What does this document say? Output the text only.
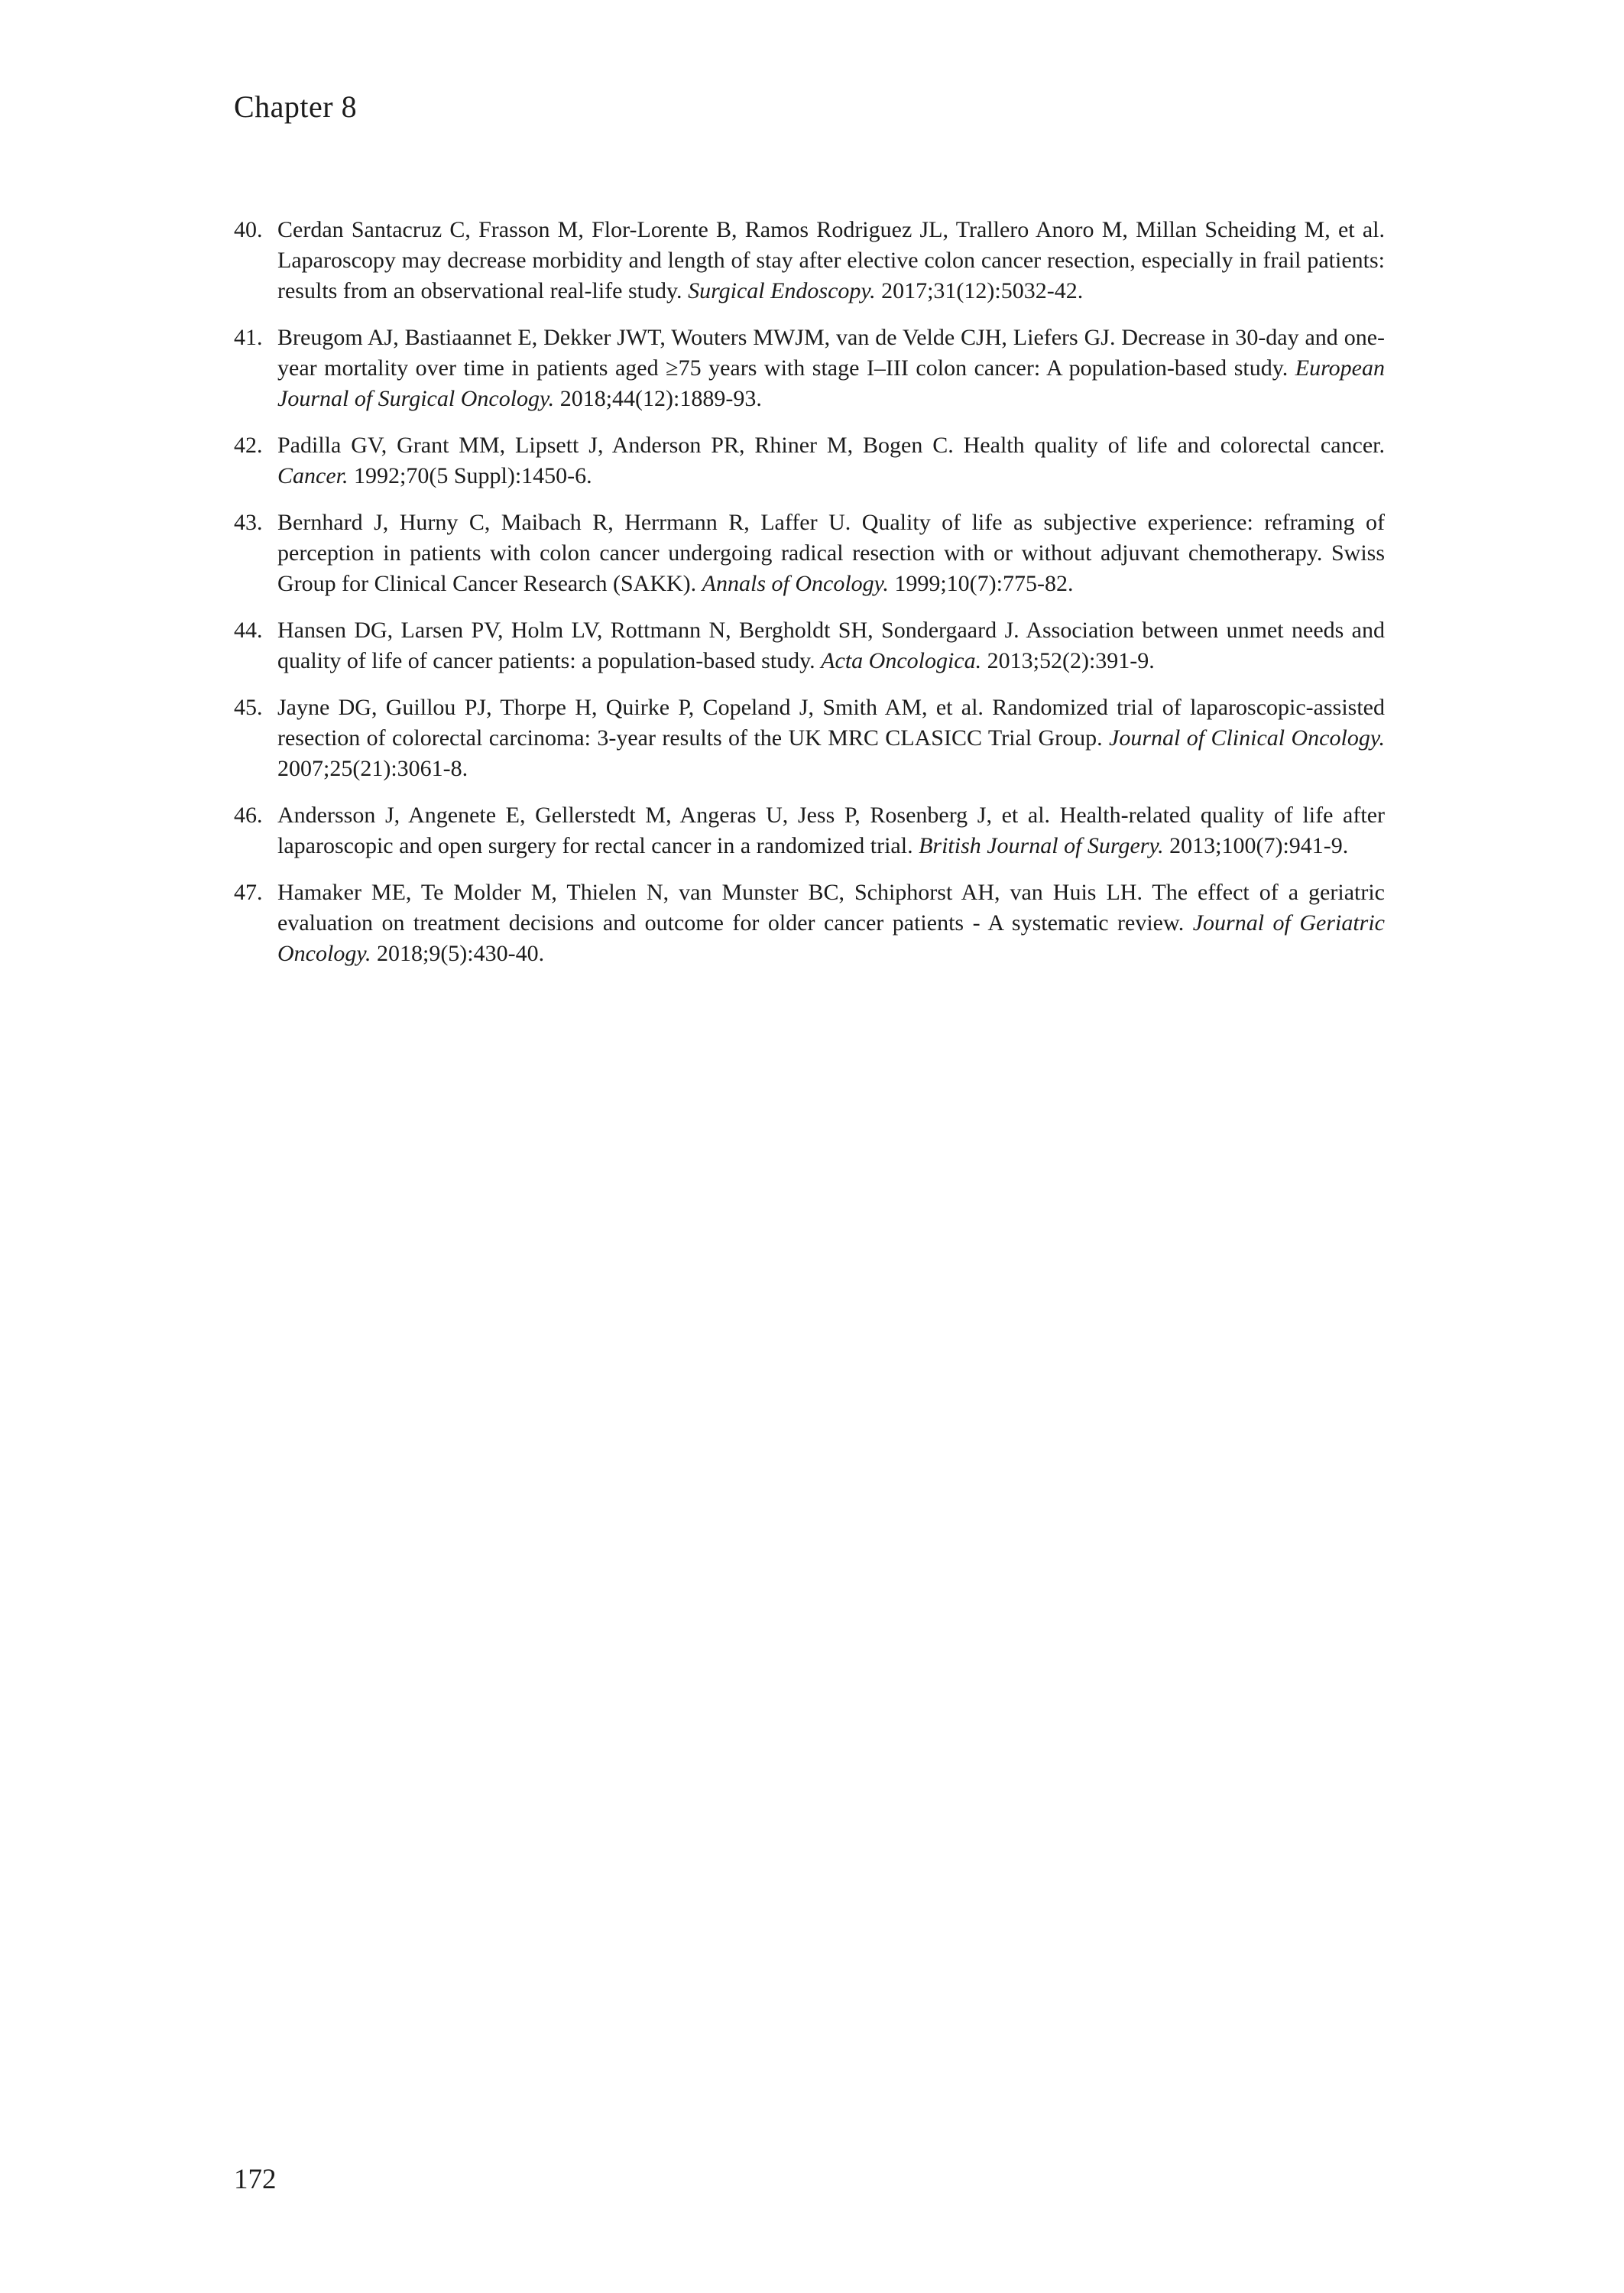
Chapter 8
40. Cerdan Santacruz C, Frasson M, Flor-Lorente B, Ramos Rodriguez JL, Trallero Anoro M, Millan Scheiding M, et al. Laparoscopy may decrease morbidity and length of stay after elective colon cancer resection, especially in frail patients: results from an observational real-life study. Surgical Endoscopy. 2017;31(12):5032-42.
41. Breugom AJ, Bastiaannet E, Dekker JWT, Wouters MWJM, van de Velde CJH, Liefers GJ. Decrease in 30-day and one-year mortality over time in patients aged ≥75 years with stage I–III colon cancer: A population-based study. European Journal of Surgical Oncology. 2018;44(12):1889-93.
42. Padilla GV, Grant MM, Lipsett J, Anderson PR, Rhiner M, Bogen C. Health quality of life and colorectal cancer. Cancer. 1992;70(5 Suppl):1450-6.
43. Bernhard J, Hurny C, Maibach R, Herrmann R, Laffer U. Quality of life as subjective experience: reframing of perception in patients with colon cancer undergoing radical resection with or without adjuvant chemotherapy. Swiss Group for Clinical Cancer Research (SAKK). Annals of Oncology. 1999;10(7):775-82.
44. Hansen DG, Larsen PV, Holm LV, Rottmann N, Bergholdt SH, Sondergaard J. Association between unmet needs and quality of life of cancer patients: a population-based study. Acta Oncologica. 2013;52(2):391-9.
45. Jayne DG, Guillou PJ, Thorpe H, Quirke P, Copeland J, Smith AM, et al. Randomized trial of laparoscopic-assisted resection of colorectal carcinoma: 3-year results of the UK MRC CLASICC Trial Group. Journal of Clinical Oncology. 2007;25(21):3061-8.
46. Andersson J, Angenete E, Gellerstedt M, Angeras U, Jess P, Rosenberg J, et al. Health-related quality of life after laparoscopic and open surgery for rectal cancer in a randomized trial. British Journal of Surgery. 2013;100(7):941-9.
47. Hamaker ME, Te Molder M, Thielen N, van Munster BC, Schiphorst AH, van Huis LH. The effect of a geriatric evaluation on treatment decisions and outcome for older cancer patients - A systematic review. Journal of Geriatric Oncology. 2018;9(5):430-40.
172
